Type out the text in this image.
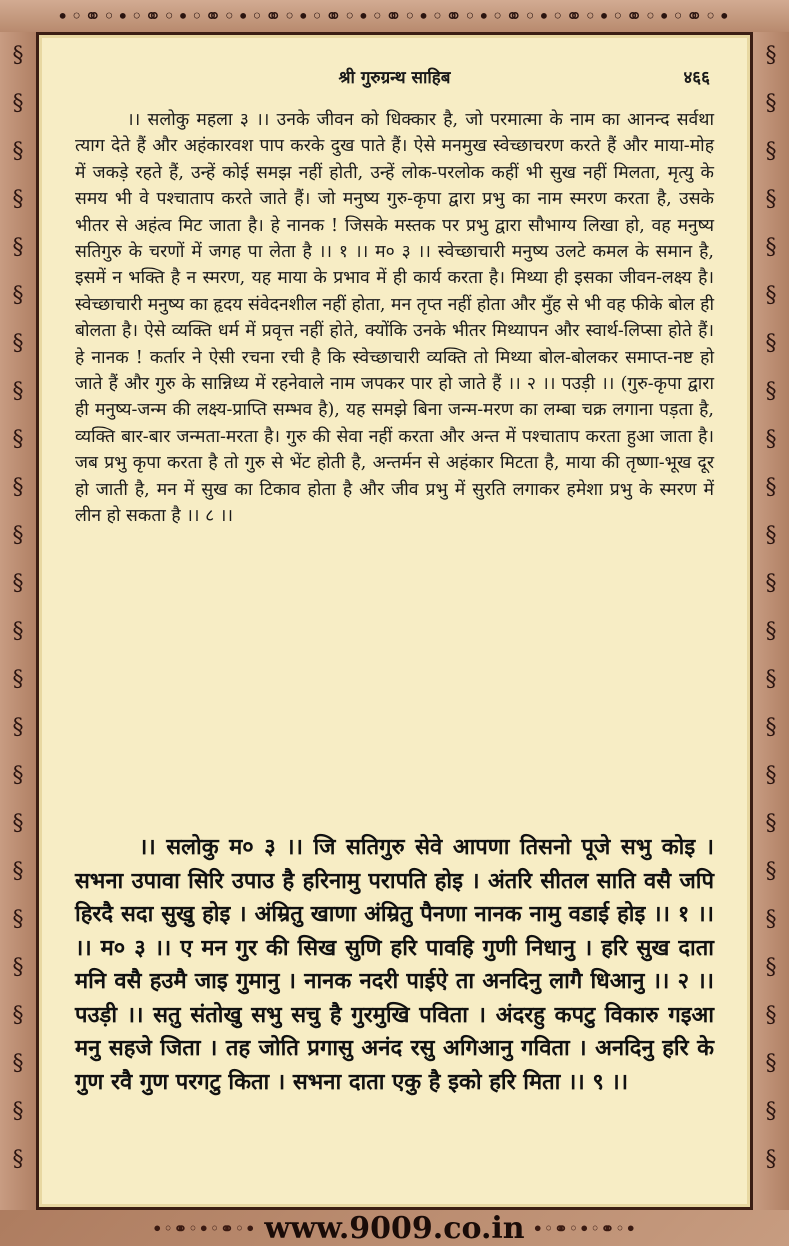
•◦⚭◦•◦⚭◦•◦⚭◦•◦⚭◦•◦⚭◦•◦⚭◦•◦⚭◦•◦⚭◦•◦⚭◦•◦⚭◦•◦⚭◦•
§
§
§
§
§
§
§
§
§
§
§
§
§
§
§
§
§
§
§
§
§
§
§
§
§
§
§
§
§
§
§
§
§
§
§
§
§
§
§
§
§
§
§
§
§
§
§
§
श्री गुरुग्रन्थ साहिब	४६६
।। सलोकु महला ३ ।। उनके जीवन को धिक्कार है, जो परमात्मा के नाम का आनन्द सर्वथा त्याग देते हैं और अहंकारवश पाप करके दुख पाते हैं। ऐसे मनमुख स्वेच्छाचरण करते हैं और माया-मोह में जकड़े रहते हैं, उन्हें कोई समझ नहीं होती, उन्हें लोक-परलोक कहीं भी सुख नहीं मिलता, मृत्यु के समय भी वे पश्चाताप करते जाते हैं। जो मनुष्य गुरु-कृपा द्वारा प्रभु का नाम स्मरण करता है, उसके भीतर से अहंत्व मिट जाता है। हे नानक ! जिसके मस्तक पर प्रभु द्वारा सौभाग्य लिखा हो, वह मनुष्य सतिगुरु के चरणों में जगह पा लेता है ।। १ ।। म० ३ ।। स्वेच्छाचारी मनुष्य उलटे कमल के समान है, इसमें न भक्ति है न स्मरण, यह माया के प्रभाव में ही कार्य करता है। मिथ्या ही इसका जीवन-लक्ष्य है। स्वेच्छाचारी मनुष्य का हृदय संवेदनशील नहीं होता, मन तृप्त नहीं होता और मुँह से भी वह फीके बोल ही बोलता है। ऐसे व्यक्ति धर्म में प्रवृत्त नहीं होते, क्योंकि उनके भीतर मिथ्यापन और स्वार्थ-लिप्सा होते हैं। हे नानक ! कर्तार ने ऐसी रचना रची है कि स्वेच्छाचारी व्यक्ति तो मिथ्या बोल-बोलकर समाप्त-नष्ट हो जाते हैं और गुरु के सान्निध्य में रहनेवाले नाम जपकर पार हो जाते हैं ।। २ ।। पउड़ी ।। (गुरु-कृपा द्वारा ही मनुष्य-जन्म की लक्ष्य-प्राप्ति सम्भव है), यह समझे बिना जन्म-मरण का लम्बा चक्र लगाना पड़ता है, व्यक्ति बार-बार जन्मता-मरता है। गुरु की सेवा नहीं करता और अन्त में पश्चाताप करता हुआ जाता है। जब प्रभु कृपा करता है तो गुरु से भेंट होती है, अन्तर्मन से अहंकार मिटता है, माया की तृष्णा-भूख दूर हो जाती है, मन में सुख का टिकाव होता है और जीव प्रभु में सुरति लगाकर हमेशा प्रभु के स्मरण में लीन हो सकता है ।। ८ ।।
।। सलोकु म० ३ ।। जि सतिगुरु सेवे आपणा तिसनो पूजे सभु कोइ । सभना उपावा सिरि उपाउ है हरिनामु परापति होइ । अंतरि सीतल साति वसै जपि हिरदै सदा सुखु होइ । अंम्रितु खाणा अंम्रितु पैनणा नानक नामु वडाई होइ ।। १ ।। ।। म० ३ ।। ए मन गुर की सिख सुणि हरि पावहि गुणी निधानु । हरि सुख दाता मनि वसै हउमै जाइ गुमानु । नानक नदरी पाईऐ ता अनदिनु लागै धिआनु ।। २ ।। पउड़ी ।। सतु संतोखु सभु सचु है गुरमुखि पविता । अंदरहु कपटु विकारु गइआ मनु सहजे जिता । तह जोति प्रगासु अनंद रसु अगिआनु गविता । अनदिनु हरि के गुण रवै गुण परगटु किता । सभना दाता एकु है इको हरि मिता ।। ९ ।।
•◦⚭◦•◦⚭◦• www.9009.co.in •◦⚭◦•◦⚭◦•
